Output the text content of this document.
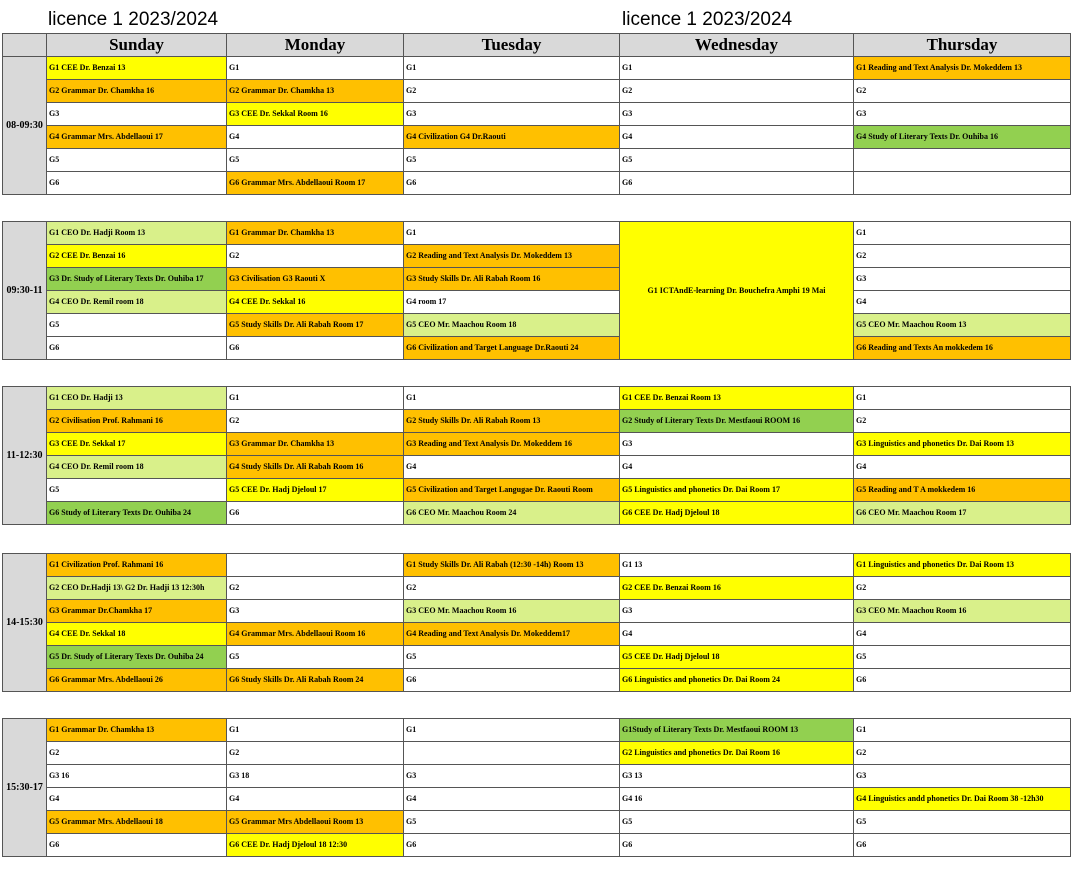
licence 1 2023/2024	licence 1 2023/2024
	Sunday	Monday	Tuesday	Wednesday	Thursday
08-09:30	G1 CEE Dr. Benzai 13	G1	G1	G1	G1 Reading and Text Analysis Dr. Mokeddem 13
	G2 Grammar Dr. Chamkha 16	G2 Grammar Dr. Chamkha 13	G2	G2	G2
	G3	G3 CEE Dr. Sekkal Room 16	G3	G3	G3
	G4 Grammar Mrs. Abdellaoui 17	G4	G4 Civilization G4 Dr.Raouti	G4	G4 Study of Literary Texts Dr. Ouhiba 16
	G5	G5	G5	G5	
	G6	G6 Grammar Mrs. Abdellaoui Room 17	G6	G6	
09:30-11	G1 CEO Dr. Hadji Room 13	G1 Grammar Dr. Chamkha 13	G1	G1 ICTAndE-learning Dr. Bouchefra Amphi 19 Mai	G1
	G2 CEE Dr. Benzai 16	G2	G2 Reading and Text Analysis Dr. Mokeddem 13		G2
	G3 Dr. Study of Literary Texts Dr. Ouhiba 17	G3 Civilisation G3 Raouti X	G3 Study Skills Dr. Ali Rabah Room 16		G3
	G4 CEO Dr. Remil room 18	G4 CEE Dr. Sekkal 16	G4 room 17		G4
	G5	G5 Study Skills Dr. Ali Rabah Room 17	G5 CEO Mr. Maachou Room 18		G5 CEO Mr. Maachou Room 13
	G6	G6	G6 Civilization and Target Language Dr.Raouti 24		G6 Reading and Texts An mokkedem 16
11-12:30	G1 CEO Dr. Hadji 13	G1	G1	G1 CEE Dr. Benzai Room 13	G1
	G2 Civilisation Prof. Rahmani 16	G2	G2 Study Skills Dr. Ali Rabah Room 13	G2 Study of Literary Texts Dr. Mestfaoui ROOM 16	G2
	G3 CEE Dr. Sekkal 17	G3 Grammar Dr. Chamkha 13	G3 Reading and Text Analysis Dr. Mokeddem 16	G3	G3 Linguistics and phonetics Dr. Dai Room 13
	G4 CEO Dr. Remil room 18	G4 Study Skills Dr. Ali Rabah Room 16	G4	G4	G4
	G5	G5 CEE Dr. Hadj Djeloul 17	G5 Civilization and Target Langugae Dr. Raouti Room	G5 Linguistics and phonetics Dr. Dai Room 17	G5 Reading and T A mokkedem 16
	G6 Study of Literary Texts Dr. Ouhiba 24	G6	G6 CEO Mr. Maachou Room 24	G6 CEE Dr. Hadj Djeloul 18	G6 CEO Mr. Maachou Room 17
14-15:30	G1 Civilization Prof. Rahmani 16		G1 Study Skills Dr. Ali Rabah (12:30 -14h) Room 13	G1 13	G1 Linguistics and phonetics Dr. Dai Room 13
	G2 CEO Dr.Hadji 13\ G2 Dr. Hadji 13 12:30h	G2	G2	G2 CEE Dr. Benzai Room 16	G2
	G3 Grammar Dr.Chamkha 17	G3	G3 CEO Mr. Maachou Room 16	G3	G3 CEO Mr. Maachou Room 16
	G4 CEE Dr. Sekkal 18	G4 Grammar Mrs. Abdellaoui Room 16	G4 Reading and Text Analysis Dr. Mokeddem17	G4	G4
	G5 Dr. Study of Literary Texts Dr. Ouhiba 24	G5	G5	G5 CEE Dr. Hadj Djeloul 18	G5
	G6 Grammar Mrs. Abdellaoui 26	G6 Study Skills Dr. Ali Rabah Room 24	G6	G6 Linguistics and phonetics Dr. Dai Room 24	G6
15:30-17	G1 Grammar Dr. Chamkha 13	G1	G1	G1Study of Literary Texts Dr. Mestfaoui ROOM 13	G1
	G2	G2		G2 Linguistics and phonetics Dr. Dai Room 16	G2
	G3 16	G3 18	G3	G3 13	G3
	G4	G4	G4	G4 16	G4 Linguistics andd phonetics Dr. Dai Room 38 -12h30
	G5 Grammar Mrs. Abdellaoui 18	G5 Grammar Mrs Abdellaoui Room 13	G5	G5	G5
	G6	G6 CEE Dr. Hadj Djeloul 18 12:30	G6	G6	G6
